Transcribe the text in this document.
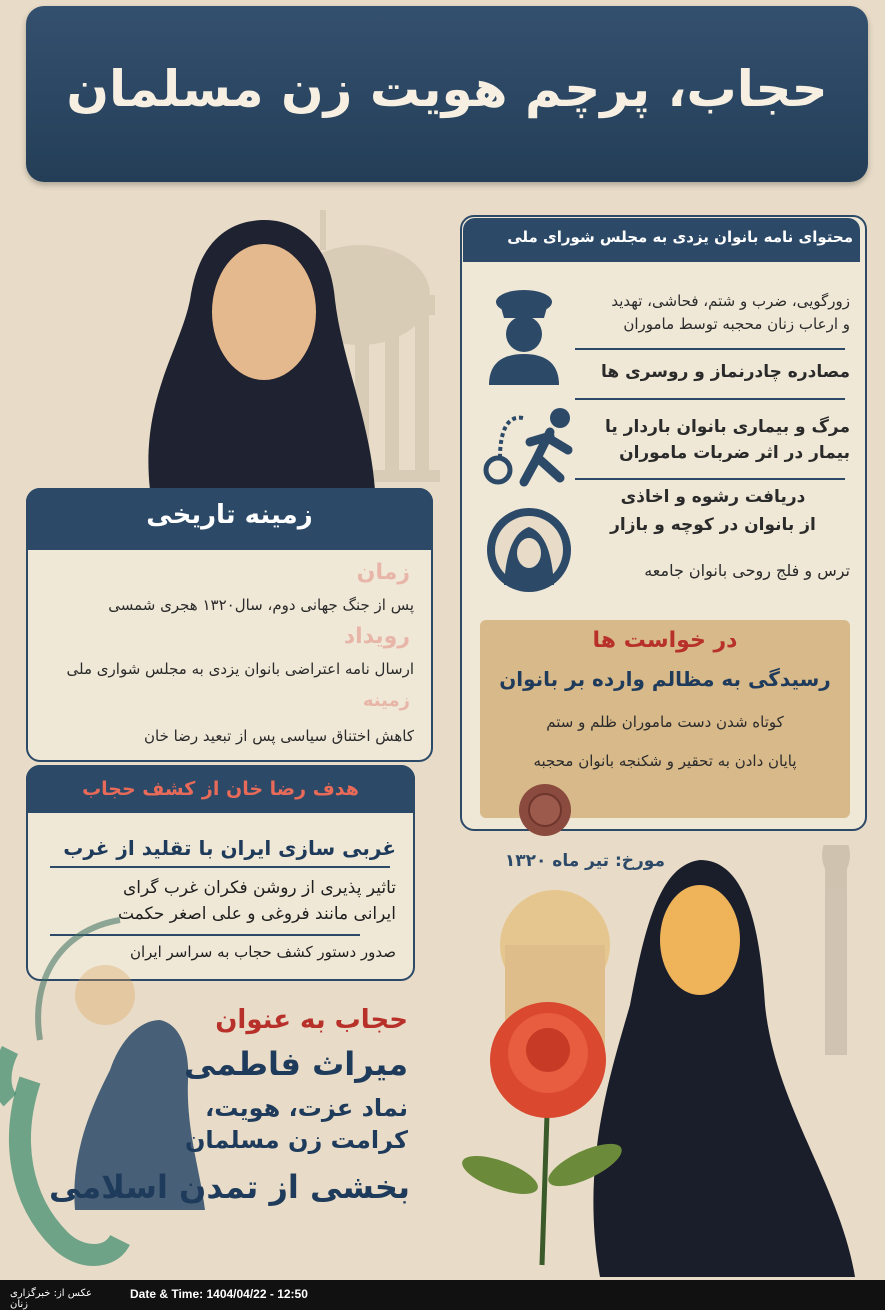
حجاب، پرچم هویت زن مسلمان
محتوای نامه بانوان یزدی به مجلس شورای ملی
زورگویی، ضرب و شتم، فحاشی، تهدید
و ارعاب زنان محجبه توسط ماموران
مصادره چادرنماز و روسری ها
مرگ و بیماری بانوان باردار یا
بیمار در اثر ضربات ماموران
دریافت رشوه و اخاذی
از بانوان در کوچه و بازار
ترس و فلج روحی بانوان جامعه
در خواست ها
رسیدگی به مظالم وارده بر بانوان
کوتاه شدن دست ماموران ظلم و ستم
پایان دادن به تحقیر و شکنجه بانوان محجبه
مورخ: تیر ماه ۱۳۲۰
زمینه تاریخی
زمان
پس از جنگ جهانی دوم، سال۱۳۲۰ هجری شمسی
رویداد
ارسال نامه اعتراضی بانوان یزدی به مجلس شواری ملی
زمینه
کاهش اختناق سیاسی پس از تبعید رضا خان
هدف رضا خان از کشف حجاب
غربی سازی ایران با تقلید از غرب
تاثیر پذیری از روشن فکران غرب گرای
ایرانی مانند فروغی و علی اصغر حکمت
صدور دستور کشف حجاب به سراسر ایران
حجاب به عنوان
میراث فاطمی
نماد عزت، هویت،
کرامت زن مسلمان
بخشی از تمدن اسلامی
عکس از: خبرگزاری زنان
Date & Time: 1404/04/22 - 12:50
